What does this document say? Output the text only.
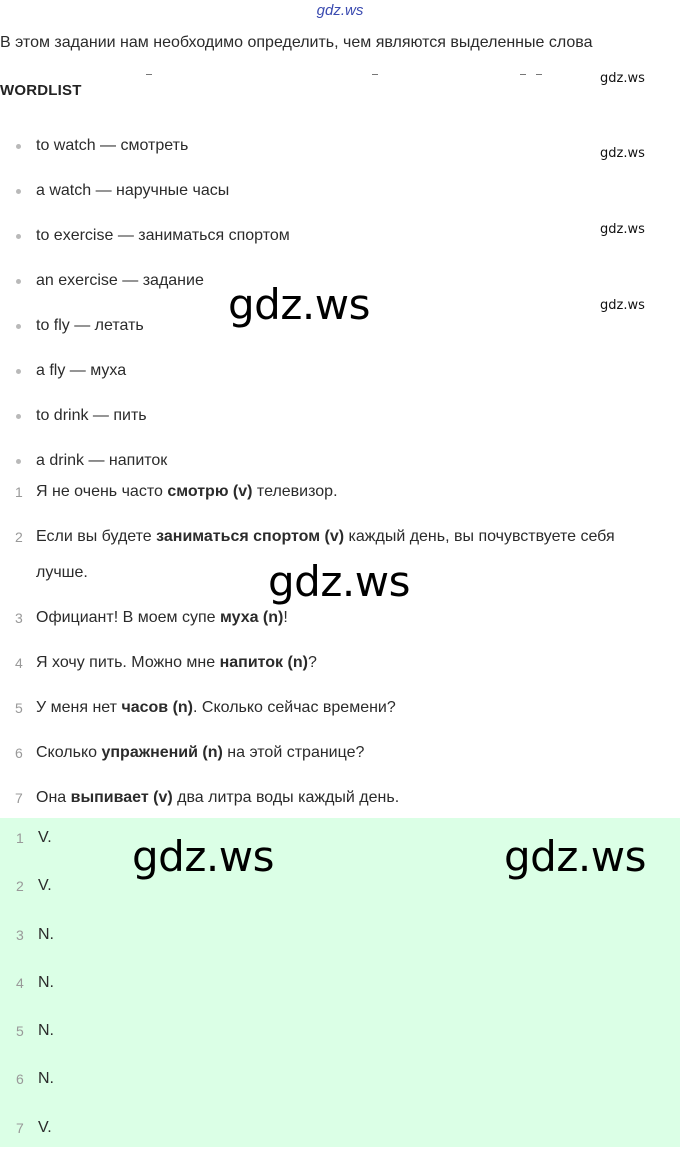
gdz.ws
В этом задании нам необходимо определить, чем являются выделенные слова
WORDLIST
to watch — смотреть
a watch — наручные часы
to exercise — заниматься спортом
an exercise — задание
to fly — летать
a fly — муха
to drink — пить
a drink — напиток
1 Я не очень часто смотрю (v) телевизор.
2 Если вы будете заниматься спортом (v) каждый день, вы почувствуете себя лучше.
3 Официант! В моем супе муха (n)!
4 Я хочу пить. Можно мне напиток (n)?
5 У меня нет часов (n). Сколько сейчас времени?
6 Сколько упражнений (n) на этой странице?
7 Она выпивает (v) два литра воды каждый день.
1 V.
2 V.
3 N.
4 N.
5 N.
6 N.
7 V.
gdz.ws
gdz.ws
gdz.ws
gdz.ws
gdz.ws
gdz.ws
gdz.ws	gdz.ws
